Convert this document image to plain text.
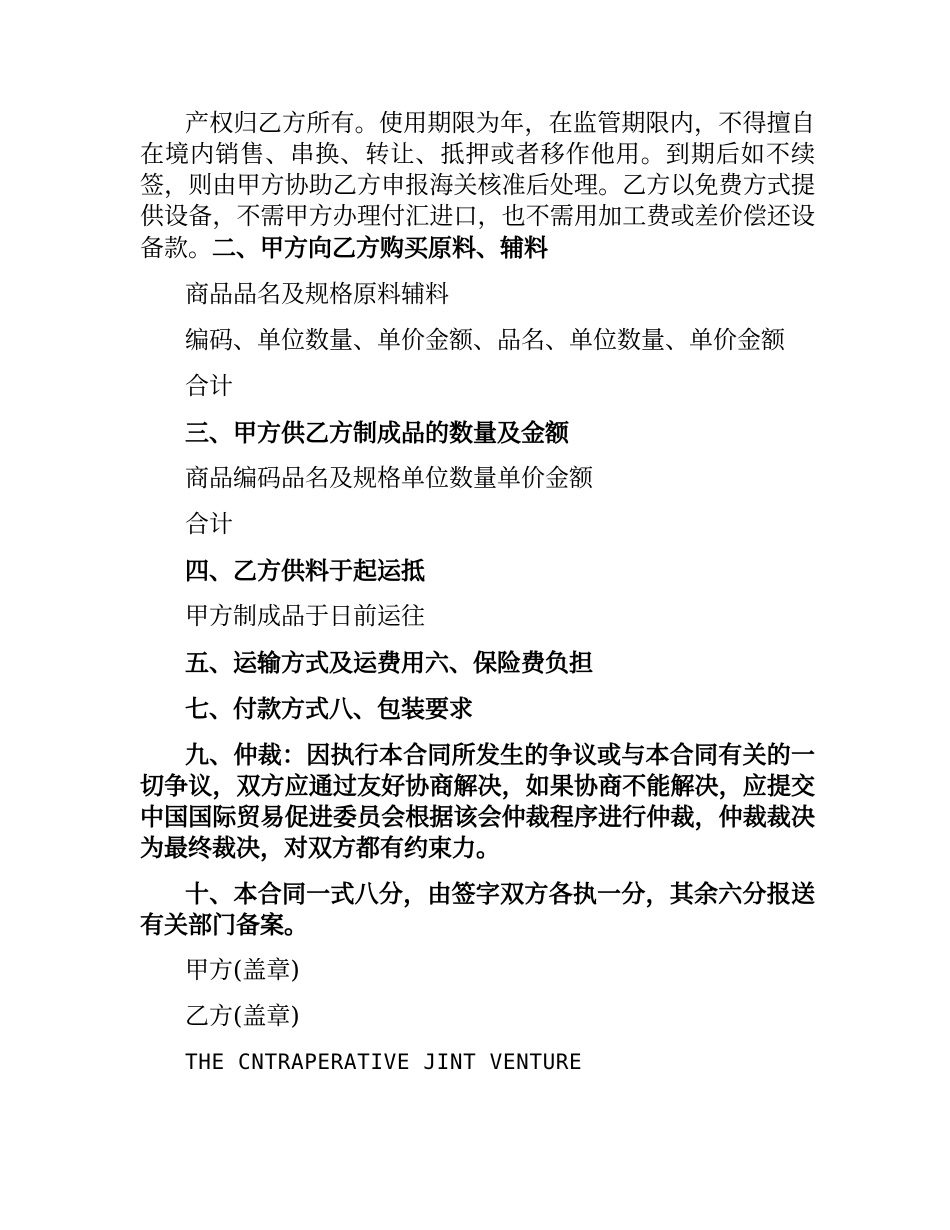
产权归乙方所有。使用期限为年，在监管期限内，不得擅自在境内销售、串换、转让、抵押或者移作他用。到期后如不续签，则由甲方协助乙方申报海关核准后处理。乙方以免费方式提供设备，不需甲方办理付汇进口，也不需用加工费或差价偿还设备款。二、甲方向乙方购买原料、辅料

商品品名及规格原料辅料

编码、单位数量、单价金额、品名、单位数量、单价金额

合计

三、甲方供乙方制成品的数量及金额

商品编码品名及规格单位数量单价金额

合计

四、乙方供料于起运抵

甲方制成品于日前运往

五、运输方式及运费用六、保险费负担

七、付款方式八、包装要求

九、仲裁：因执行本合同所发生的争议或与本合同有关的一切争议，双方应通过友好协商解决，如果协商不能解决，应提交中国国际贸易促进委员会根据该会仲裁程序进行仲裁，仲裁裁决为最终裁决，对双方都有约束力。

十、本合同一式八分，由签字双方各执一分，其余六分报送有关部门备案。

甲方(盖章)

乙方(盖章)

THE CNTRAPERATIVE JINT VENTURE
